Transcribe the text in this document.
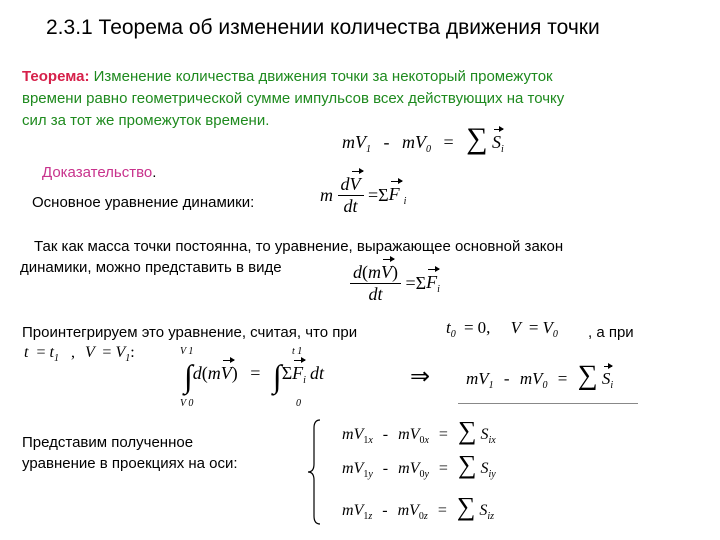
2.3.1 Теорема об изменении количества движения точки
Теорема: Изменение количества движения точки за некоторый промежуток
времени равно геометрической сумме импульсов всех действующих на точку
сил за тот же промежуток времени.
$mV_1 - mV_0$ = ∑ $S_i$
Доказательство.
Основное уравнение динамики:	m $\frac{dV}{dt} =\Sigma F$ $_i$
Так как масса точки постоянна, то уравнение, выражающее основной закон
динамики, можно представить в виде	$\frac{d(mV)}{dt} =\Sigma F_i$
Проинтегрируем это уравнение, считая, что при	$t_0 = 0$, $V = V_0$ , а при
$t = t_1$ , $V = V_1$:	V 1
V 0
t 1
0
$\int d(mV) = \int\Sigma F_i$ dt	⇒ $mV_1 - mV_0$ = ∑ $S_i$
Представим полученное
уравнение в проекциях на оси:
$mV_{1x} - mV_{0x}$ = ∑ $S_{ix}$
$mV_{1y} - mV_{0y}$ = ∑ $S_{iy}$
$mV_{1z} - mV_{0z}$ = ∑ $S_{iz}$
